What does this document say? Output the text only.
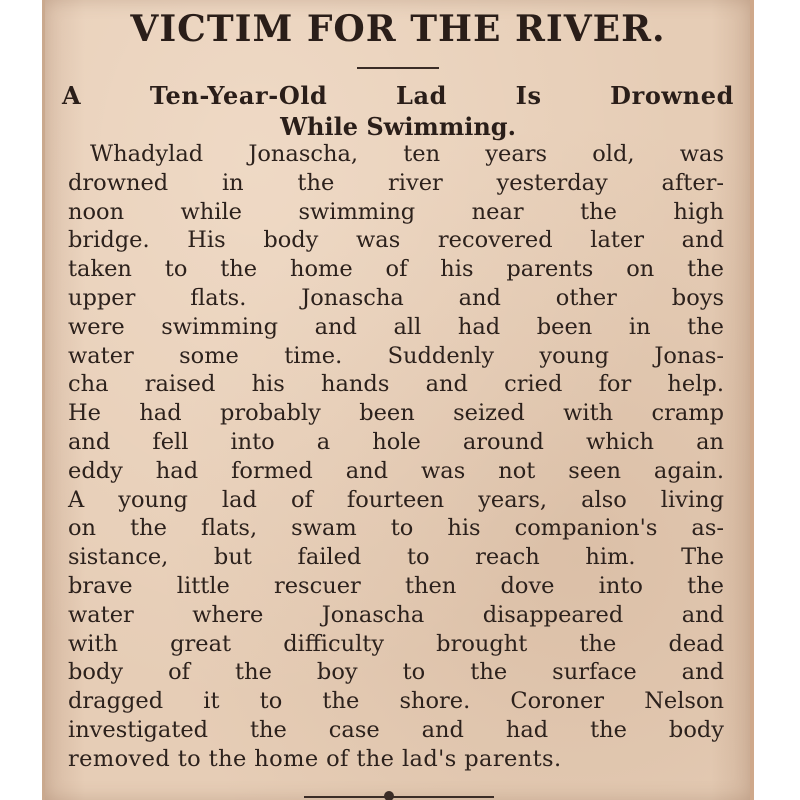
VICTIM FOR THE RIVER.
A Ten-Year-Old Lad Is Drowned
While Swimming.
Whadylad Jonascha, ten years old, was
drowned in the river yesterday after-
noon while swimming near the high
bridge. His body was recovered later and
taken to the home of his parents on the
upper flats. Jonascha and other boys
were swimming and all had been in the
water some time. Suddenly young Jonas-
cha raised his hands and cried for help.
He had probably been seized with cramp
and fell into a hole around which an
eddy had formed and was not seen again.
A young lad of fourteen years, also living
on the flats, swam to his companion's as-
sistance, but failed to reach him. The
brave little rescuer then dove into the
water where Jonascha disappeared and
with great difficulty brought the dead
body of the boy to the surface and
dragged it to the shore. Coroner Nelson
investigated the case and had the body
removed to the home of the lad's parents.
